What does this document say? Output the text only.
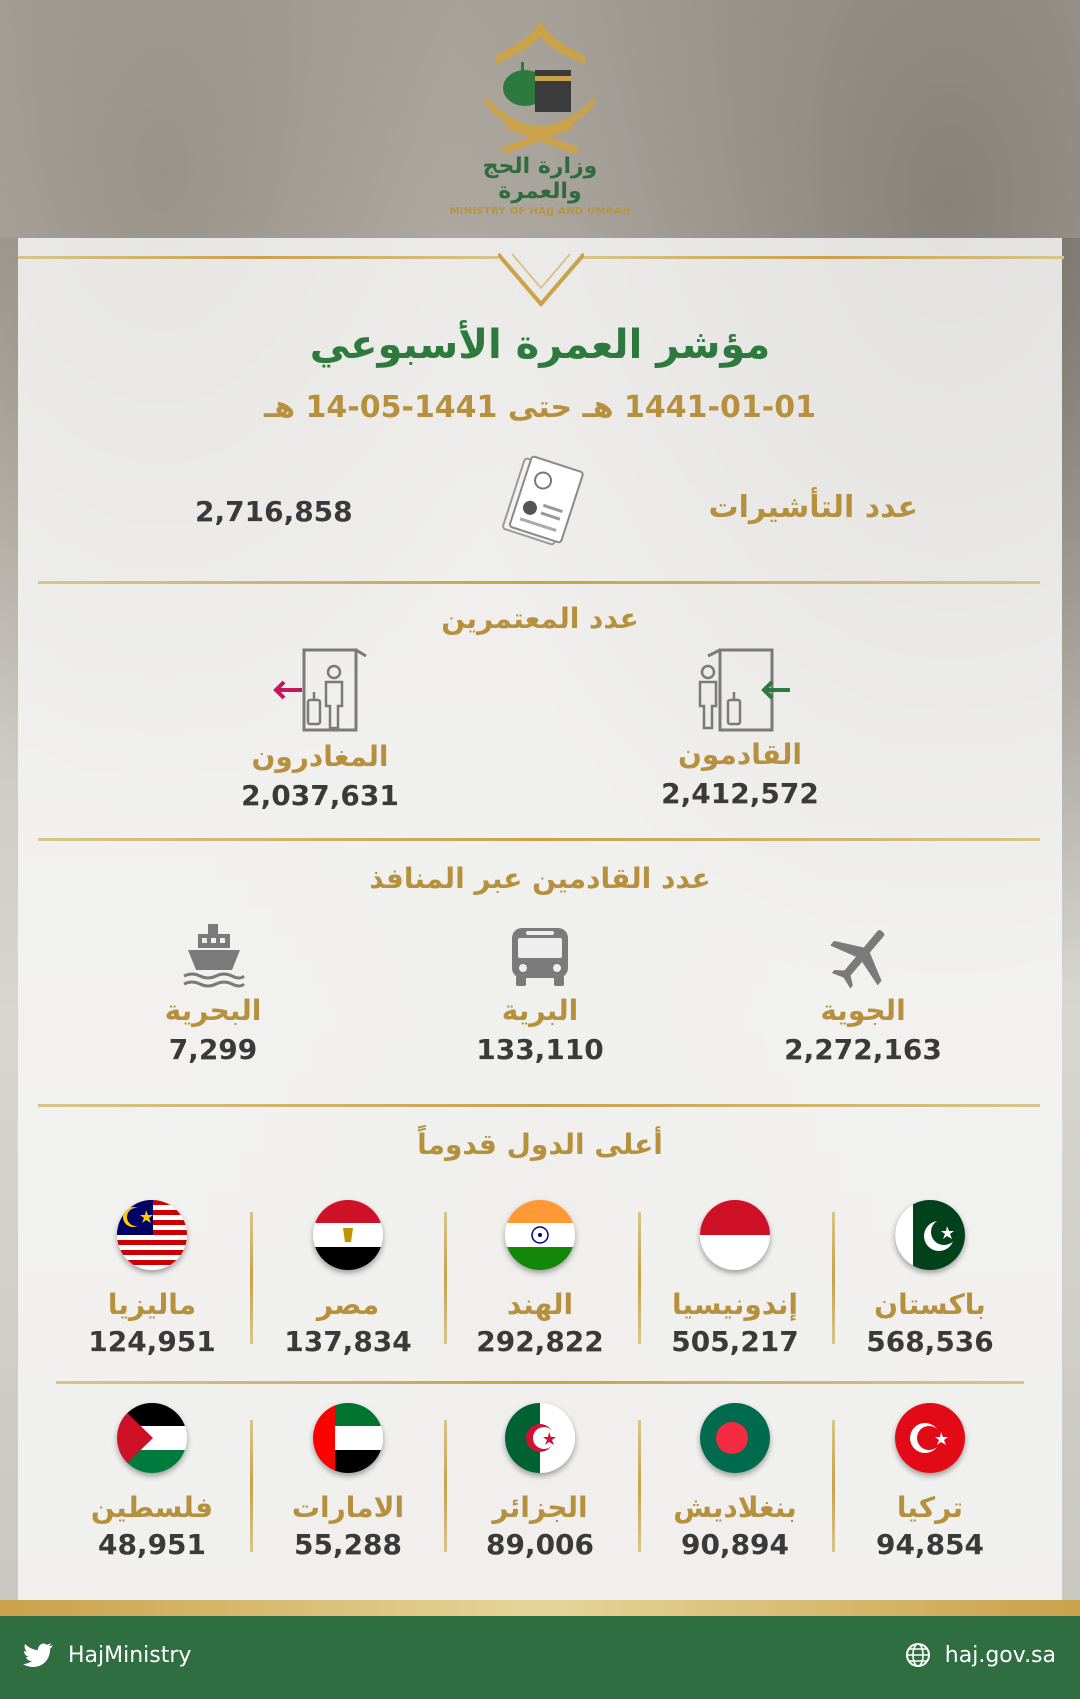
وزارة الحج والعمرة
MINISTRY OF HAJJ AND UMRAH
مؤشر العمرة الأسبوعي
1441-01-01 هـ حتى 1441-05-14 هـ
عدد التأشيرات
2,716,858
عدد المعتمرين
القادمون
2,412,572
المغادرون
2,037,631
عدد القادمين عبر المنافذ
الجوية
2,272,163
البرية
133,110
البحرية
7,299
أعلى الدول قدوماً
باكستان
568,536
إندونيسيا
505,217
الهند
292,822
مصر
137,834
ماليزيا
124,951
تركيا
94,854
بنغلاديش
90,894
الجزائر
89,006
الامارات
55,288
فلسطين
48,951
HajMinistry	haj.gov.sa
